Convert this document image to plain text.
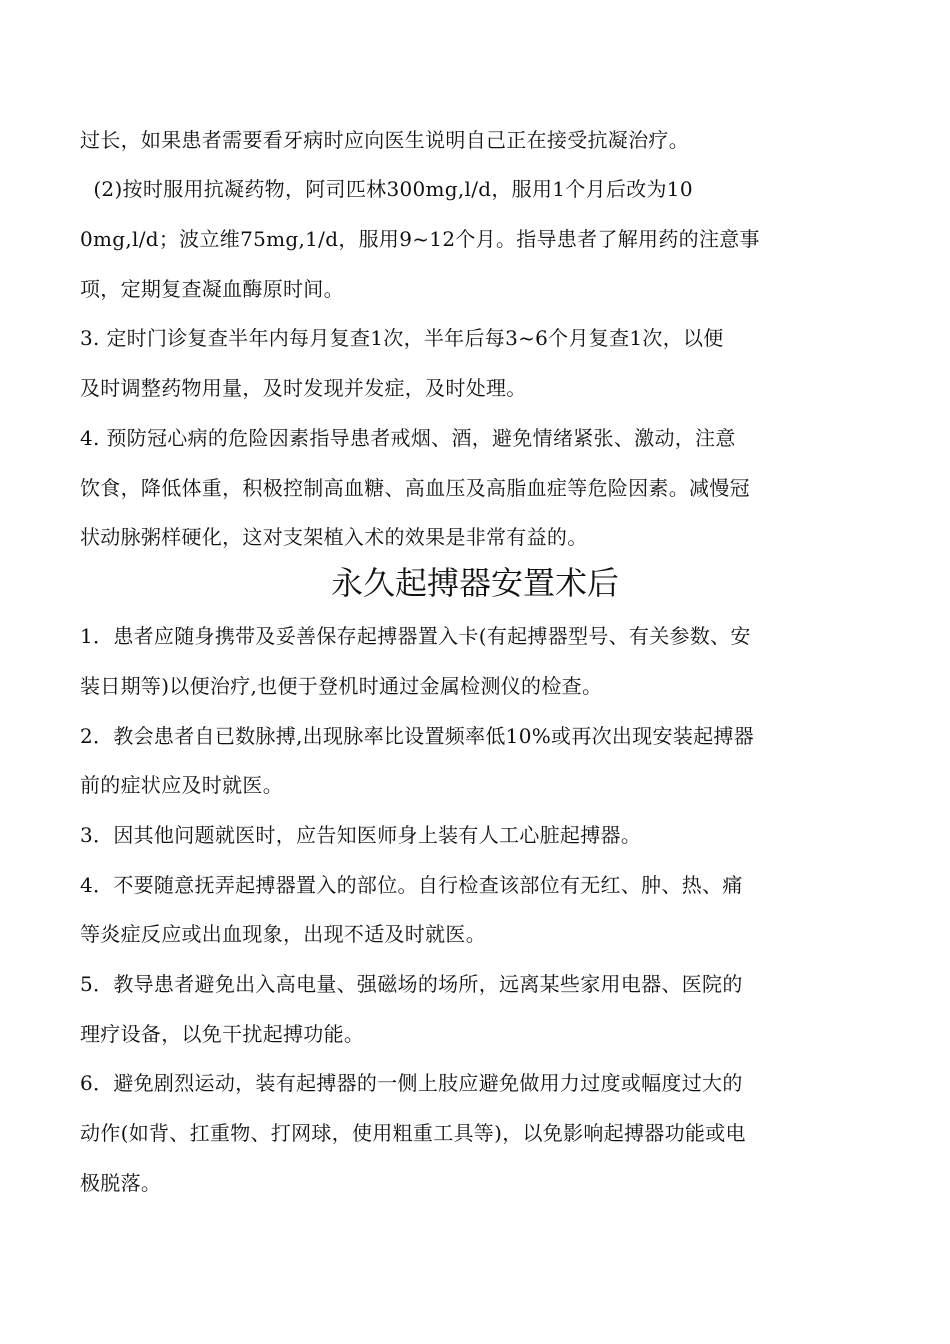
过长，如果患者需要看牙病时应向医生说明自己正在接受抗凝治疗。
(2)按时服用抗凝药物，阿司匹林300mg,l/d，服用1个月后改为10
0mg,l/d；波立维75mg,1/d，服用9~12个月。指导患者了解用药的注意事
项，定期复查凝血酶原时间。
3. 定时门诊复查半年内每月复查1次，半年后每3~6个月复查1次，以便
及时调整药物用量，及时发现并发症，及时处理。
4. 预防冠心病的危险因素指导患者戒烟、酒，避免情绪紧张、激动，注意
饮食，降低体重，积极控制高血糖、高血压及高脂血症等危险因素。减慢冠
状动脉粥样硬化，这对支架植入术的效果是非常有益的。
永久起搏器安置术后
1．患者应随身携带及妥善保存起搏器置入卡(有起搏器型号、有关参数、安
装日期等)以便治疗,也便于登机时通过金属检测仪的检查。
2．教会患者自已数脉搏,出现脉率比设置频率低10%或再次出现安装起搏器
前的症状应及时就医。
3．因其他问题就医时，应告知医师身上装有人工心脏起搏器。
4．不要随意抚弄起搏器置入的部位。自行检查该部位有无红、肿、热、痛
等炎症反应或出血现象，出现不适及时就医。
5．教导患者避免出入高电量、强磁场的场所，远离某些家用电器、医院的
理疗设备，以免干扰起搏功能。
6．避免剧烈运动，装有起搏器的一侧上肢应避免做用力过度或幅度过大的
动作(如背、扛重物、打网球，使用粗重工具等)，以免影响起搏器功能或电
极脱落。
